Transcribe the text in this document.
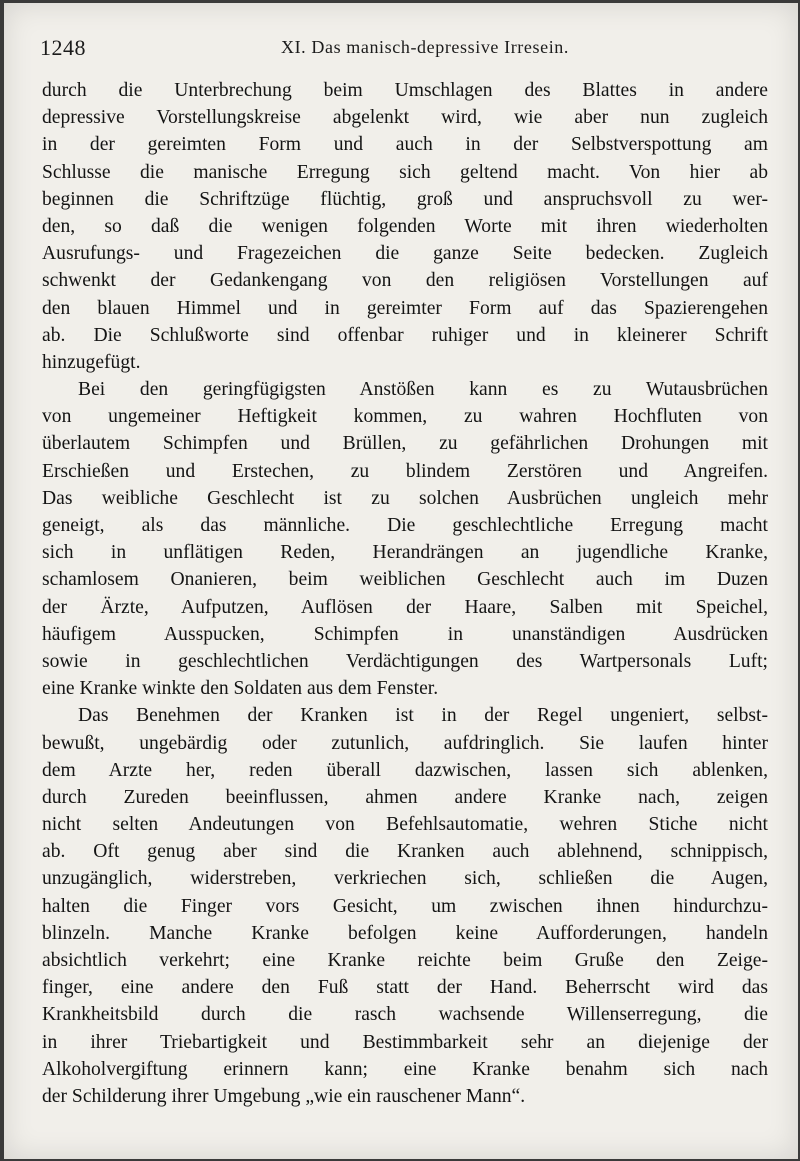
1248	XI. Das manisch-depressive Irresein.
durch die Unterbrechung beim Umschlagen des Blattes in andere
depressive Vorstellungskreise abgelenkt wird, wie aber nun zugleich
in der gereimten Form und auch in der Selbstverspottung am
Schlusse die manische Erregung sich geltend macht. Von hier ab
beginnen die Schriftzüge flüchtig, groß und anspruchsvoll zu wer-
den, so daß die wenigen folgenden Worte mit ihren wiederholten
Ausrufungs- und Fragezeichen die ganze Seite bedecken. Zugleich
schwenkt der Gedankengang von den religiösen Vorstellungen auf
den blauen Himmel und in gereimter Form auf das Spazierengehen
ab. Die Schlußworte sind offenbar ruhiger und in kleinerer Schrift
hinzugefügt.
Bei den geringfügigsten Anstößen kann es zu Wutausbrüchen
von ungemeiner Heftigkeit kommen, zu wahren Hochfluten von
überlautem Schimpfen und Brüllen, zu gefährlichen Drohungen mit
Erschießen und Erstechen, zu blindem Zerstören und Angreifen.
Das weibliche Geschlecht ist zu solchen Ausbrüchen ungleich mehr
geneigt, als das männliche. Die geschlechtliche Erregung macht
sich in unflätigen Reden, Herandrängen an jugendliche Kranke,
schamlosem Onanieren, beim weiblichen Geschlecht auch im Duzen
der Ärzte, Aufputzen, Auflösen der Haare, Salben mit Speichel,
häufigem Ausspucken, Schimpfen in unanständigen Ausdrücken
sowie in geschlechtlichen Verdächtigungen des Wartpersonals Luft;
eine Kranke winkte den Soldaten aus dem Fenster.
Das Benehmen der Kranken ist in der Regel ungeniert, selbst-
bewußt, ungebärdig oder zutunlich, aufdringlich. Sie laufen hinter
dem Arzte her, reden überall dazwischen, lassen sich ablenken,
durch Zureden beeinflussen, ahmen andere Kranke nach, zeigen
nicht selten Andeutungen von Befehlsautomatie, wehren Stiche nicht
ab. Oft genug aber sind die Kranken auch ablehnend, schnippisch,
unzugänglich, widerstreben, verkriechen sich, schließen die Augen,
halten die Finger vors Gesicht, um zwischen ihnen hindurchzu-
blinzeln. Manche Kranke befolgen keine Aufforderungen, handeln
absichtlich verkehrt; eine Kranke reichte beim Gruße den Zeige-
finger, eine andere den Fuß statt der Hand. Beherrscht wird das
Krankheitsbild durch die rasch wachsende Willenserregung, die
in ihrer Triebartigkeit und Bestimmbarkeit sehr an diejenige der
Alkoholvergiftung erinnern kann; eine Kranke benahm sich nach
der Schilderung ihrer Umgebung „wie ein rauschener Mann“.
